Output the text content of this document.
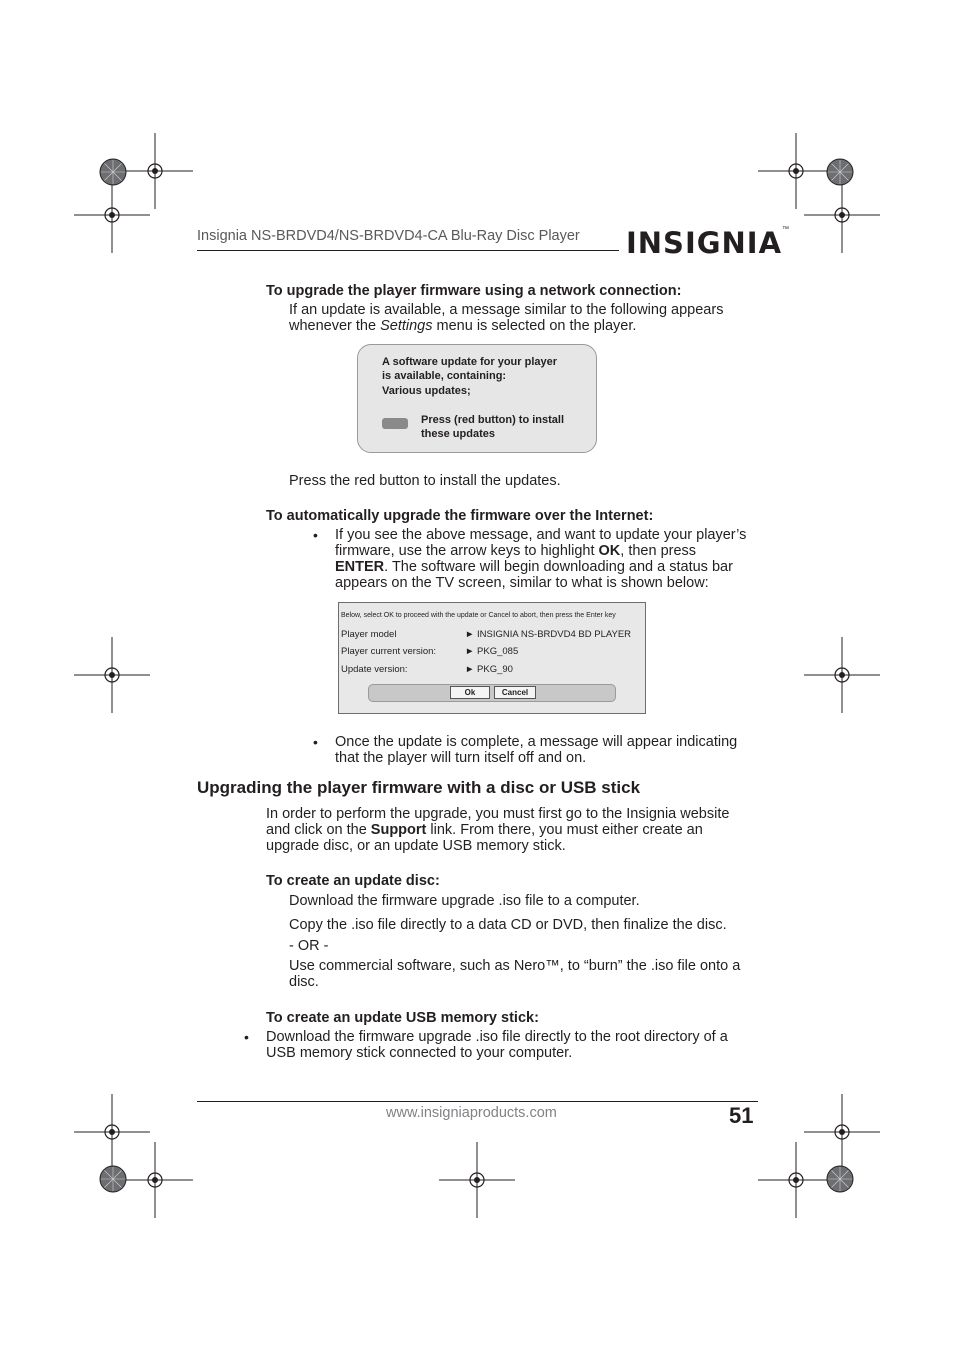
Insignia NS-BRDVD4/NS-BRDVD4-CA Blu-Ray Disc Player INSIGNIA™
To upgrade the player firmware using a network connection:
If an update is available, a message similar to the following appears
whenever the Settings menu is selected on the player.
A software update for your player
is available, containing:
Various updates;
Press (red button) to install
these updates
Press the red button to install the updates.
To automatically upgrade the firmware over the Internet:
• If you see the above message, and want to update your player’s
firmware, use the arrow keys to highlight OK, then press
ENTER. The software will begin downloading and a status bar
appears on the TV screen, similar to what is shown below:
Below, select OK to proceed with the update or Cancel to abort, then press the Enter key
Player model	► INSIGNIA NS-BRDVD4 BD PLAYER
Player current version:	► PKG_085
Update version:	► PKG_90
Ok	Cancel
• Once the update is complete, a message will appear indicating
that the player will turn itself off and on.
Upgrading the player firmware with a disc or USB stick
In order to perform the upgrade, you must first go to the Insignia website
and click on the Support link. From there, you must either create an
upgrade disc, or an update USB memory stick.
To create an update disc:
Download the firmware upgrade .iso file to a computer.
Copy the .iso file directly to a data CD or DVD, then finalize the disc.
- OR -
Use commercial software, such as Nero™, to “burn” the .iso file onto a
disc.
To create an update USB memory stick:
• Download the firmware upgrade .iso file directly to the root directory of a
USB memory stick connected to your computer.
www.insigniaproducts.com	51
